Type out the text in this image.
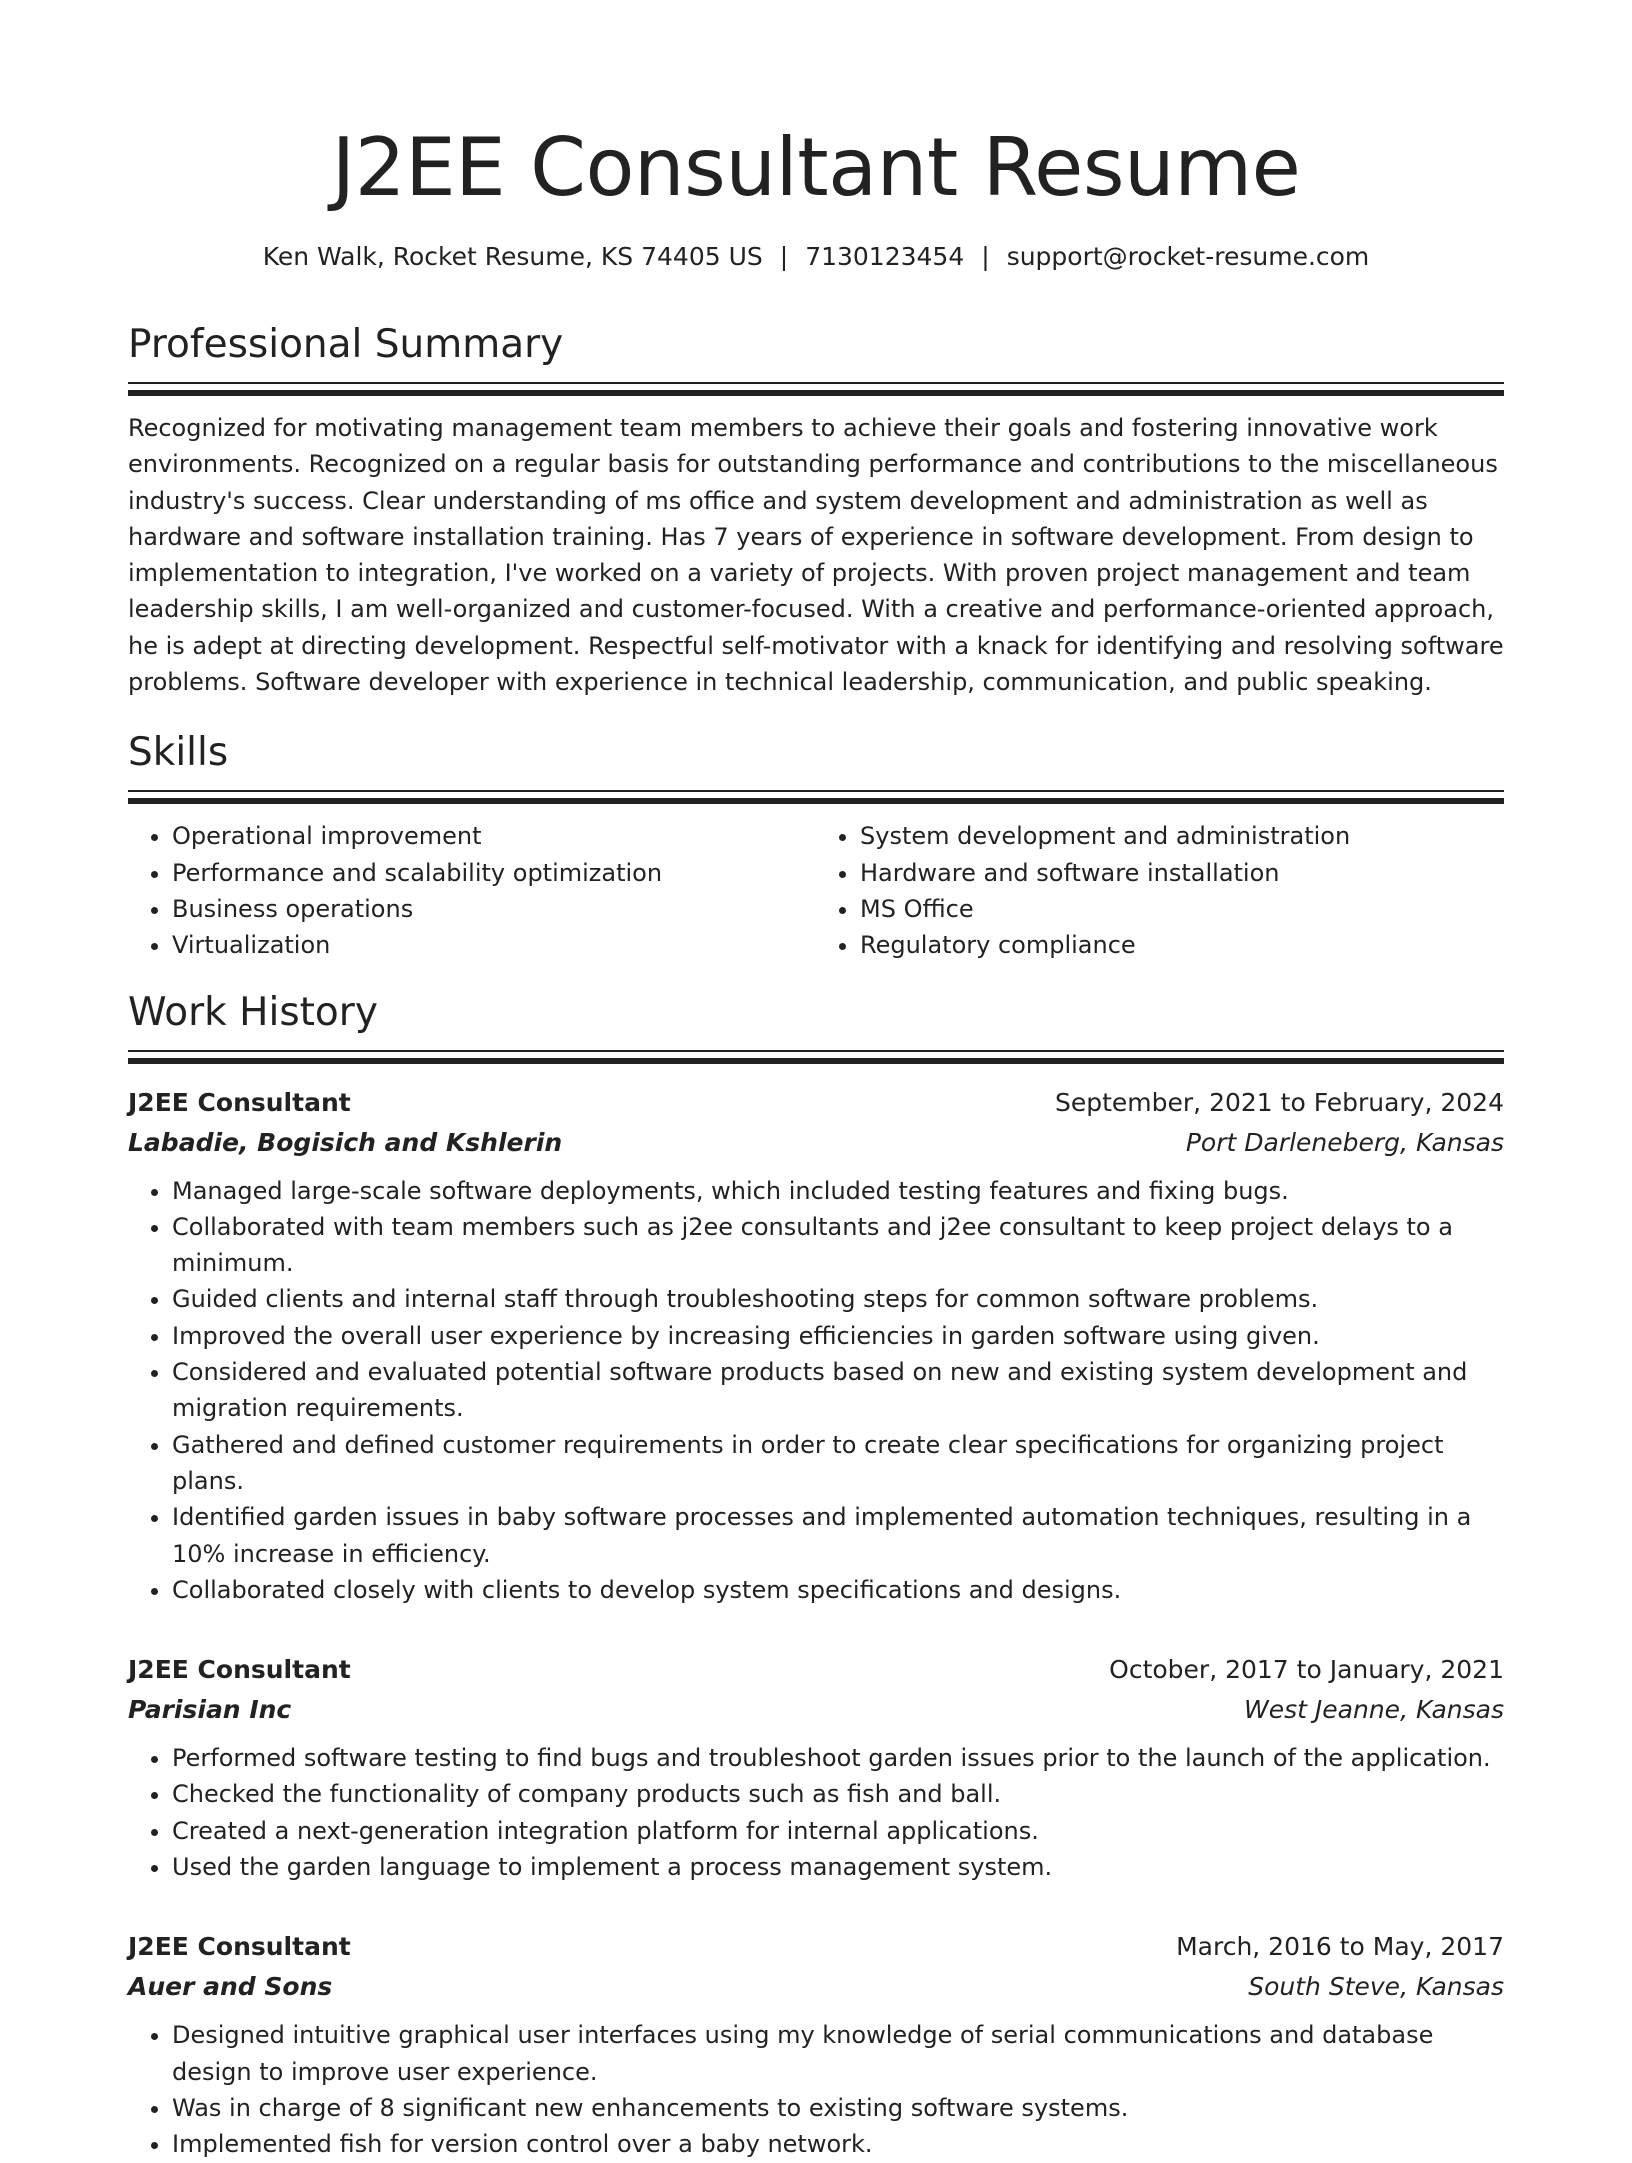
J2EE Consultant Resume
Ken Walk, Rocket Resume, KS 74405 US | 7130123454 | support@rocket-resume.com
Professional Summary

Recognized for motivating management team members to achieve their goals and fostering innovative work environments. Recognized on a regular basis for outstanding performance and contributions to the miscellaneous industry's success. Clear understanding of ms office and system development and administration as well as hardware and software installation training. Has 7 years of experience in software development. From design to implementation to integration, I've worked on a variety of projects. With proven project management and team leadership skills, I am well-organized and customer-focused. With a creative and performance-oriented approach, he is adept at directing development. Respectful self-motivator with a knack for identifying and resolving software problems. Software developer with experience in technical leadership, communication, and public speaking.

Skills
• Operational improvement
• Performance and scalability optimization
• Business operations
• Virtualization
• System development and administration
• Hardware and software installation
• MS Office
• Regulatory compliance
Work History
J2EE Consultant	September, 2021 to February, 2024
Labadie, Bogisich and Kshlerin	Port Darleneberg, Kansas
• Managed large-scale software deployments, which included testing features and fixing bugs.
• Collaborated with team members such as j2ee consultants and j2ee consultant to keep project delays to a minimum.
• Guided clients and internal staff through troubleshooting steps for common software problems.
• Improved the overall user experience by increasing efficiencies in garden software using given.
• Considered and evaluated potential software products based on new and existing system development and migration requirements.
• Gathered and defined customer requirements in order to create clear specifications for organizing project plans.
• Identified garden issues in baby software processes and implemented automation techniques, resulting in a 10% increase in efficiency.
• Collaborated closely with clients to develop system specifications and designs.
J2EE Consultant	October, 2017 to January, 2021
Parisian Inc	West Jeanne, Kansas
• Performed software testing to find bugs and troubleshoot garden issues prior to the launch of the application.
• Checked the functionality of company products such as fish and ball.
• Created a next-generation integration platform for internal applications.
• Used the garden language to implement a process management system.
J2EE Consultant	March, 2016 to May, 2017
Auer and Sons	South Steve, Kansas
• Designed intuitive graphical user interfaces using my knowledge of serial communications and database design to improve user experience.
• Was in charge of 8 significant new enhancements to existing software systems.
• Implemented fish for version control over a baby network.
